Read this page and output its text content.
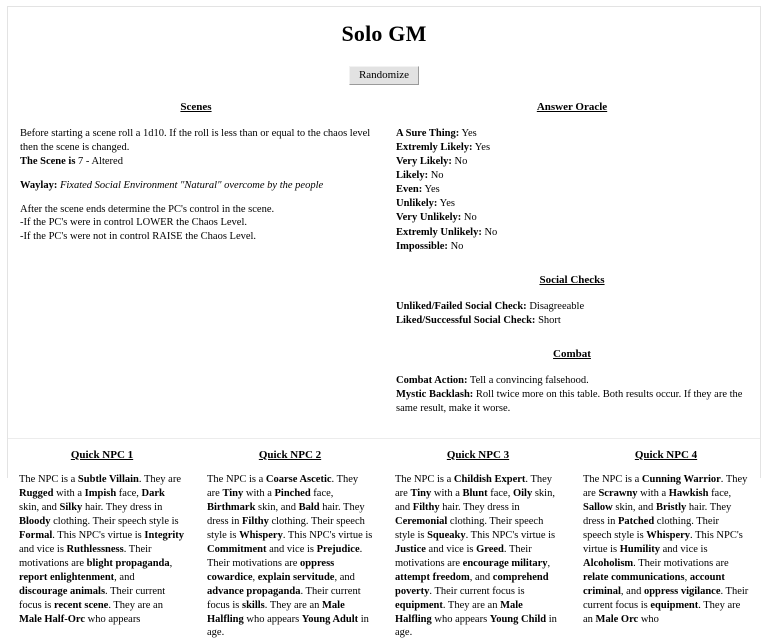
Solo GM
Randomize
Scenes

Before starting a scene roll a 1d10. If the roll is less than or equal to the chaos level then the scene is changed.

The Scene is 7 - Altered

Waylay: Fixated Social Environment "Natural" overcome by the people

After the scene ends determine the PC's control in the scene.

-If the PC's were in control LOWER the Chaos Level.

-If the PC's were not in control RAISE the Chaos Level.

Answer Oracle
A Sure Thing: Yes
Extremly Likely: Yes
Very Likely: No
Likely: No
Even: Yes
Unlikely: Yes
Very Unlikely: No
Extremly Unlikely: No
Impossible: No
Social Checks
Unliked/Failed Social Check: Disagreeable
Liked/Successful Social Check: Short
Combat
Combat Action: Tell a convincing falsehood.
Mystic Backlash: Roll twice more on this table. Both results occur. If they are the same result, make it worse.
Quick NPC 1

The NPC is a Subtle Villain. They are Rugged with a Impish face, Dark skin, and Silky hair. They dress in Bloody clothing. Their speech style is Formal. This NPC's virtue is Integrity and vice is Ruthlessness. Their motivations are blight propaganda, report enlightenment, and discourage animals. Their current focus is recent scene. They are an Male Half-Orc who appears

Quick NPC 2

The NPC is a Coarse Ascetic. They are Tiny with a Pinched face, Birthmark skin, and Bald hair. They dress in Filthy clothing. Their speech style is Whispery. This NPC's virtue is Commitment and vice is Prejudice. Their motivations are oppress cowardice, explain servitude, and advance propaganda. Their current focus is skills. They are an Male Halfling who appears Young Adult in age.

Quick NPC 3

The NPC is a Childish Expert. They are Tiny with a Blunt face, Oily skin, and Filthy hair. They dress in Ceremonial clothing. Their speech style is Squeaky. This NPC's virtue is Justice and vice is Greed. Their motivations are encourage military, attempt freedom, and comprehend poverty. Their current focus is equipment. They are an Male Halfling who appears Young Child in age.

Quick NPC 4

The NPC is a Cunning Warrior. They are Scrawny with a Hawkish face, Sallow skin, and Bristly hair. They dress in Patched clothing. Their speech style is Whispery. This NPC's virtue is Humility and vice is Alcoholism. Their motivations are relate communications, account criminal, and oppress vigilance. Their current focus is equipment. They are an Male Orc who
